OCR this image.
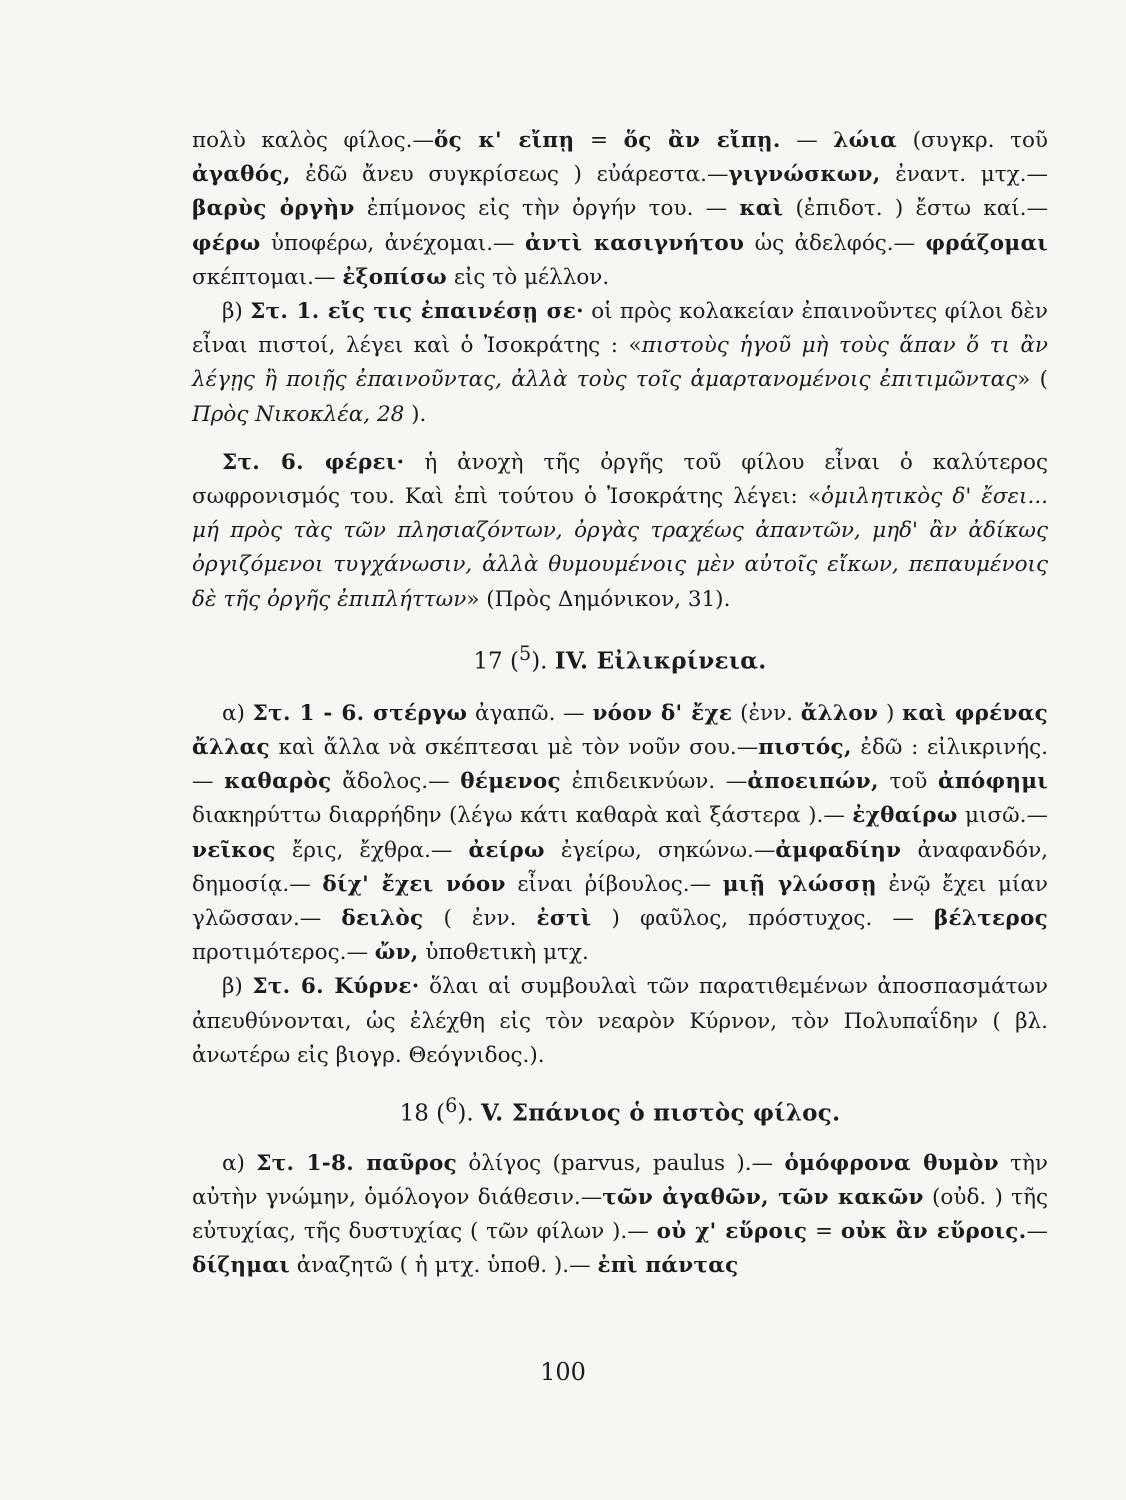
πολὺ καλὸς φίλος.—ὅς κ' εἴπῃ = ὅς ἂν εἴπῃ. — λώια (συγκρ. τοῦ ἀγαθός, ἐδῶ ἄνευ συγκρίσεως ) εὐάρεστα.—γιγνώσκων, ἐναντ. μτχ.— βαρὺς ὀργὴν ἐπίμονος εἰς τὴν ὀργήν του. — καὶ (ἐπιδοτ. ) ἔστω καί.— φέρω ὑποφέρω, ἀνέχομαι.— ἀντὶ κασιγνήτου ὡς ἀδελφός.— φράζομαι σκέπτομαι.— ἐξοπίσω εἰς τὸ μέλλον.

β) Στ. 1. εἴς τις ἐπαινέσῃ σε· οἱ πρὸς κολακείαν ἐπαινοῦντες φίλοι δὲν εἶναι πιστοί, λέγει καὶ ὁ Ἰσοκράτης : «πιστοὺς ἡγοῦ μὴ τοὺς ἅπαν ὅ τι ἂν λέγῃς ἢ ποιῇς ἐπαινοῦντας, ἀλλὰ τοὺς τοῖς ἁμαρτανομένοις ἐπιτιμῶντας» ( Πρὸς Νικοκλέα, 28 ).

Στ. 6. φέρει· ἡ ἀνοχὴ τῆς ὀργῆς τοῦ φίλου εἶναι ὁ καλύτερος σωφρονισμός του. Καὶ ἐπὶ τούτου ὁ Ἰσοκράτης λέγει: «ὁμιλητικὸς δ' ἔσει... μή πρὸς τὰς τῶν πλησιαζόντων, ὀργὰς τραχέως ἀπαντῶν, μηδ' ἂν ἀδίκως ὀργιζόμενοι τυγχάνωσιν, ἀλλὰ θυμουμένοις μὲν αὐτοῖς εἴκων, πεπαυμένοις δὲ τῆς ὀργῆς ἐπιπλήττων» (Πρὸς Δημόνικον, 31).

17 ($^5$). IV. Εἰλικρίνεια.

α) Στ. 1 - 6. στέργω ἀγαπῶ. — νόον δ' ἔχε (ἐνν. ἄλλον ) καὶ φρένας ἄλλας καὶ ἄλλα νὰ σκέπτεσαι μὲ τὸν νοῦν σου.—πιστός, ἐδῶ : εἰλικρινής. — καθαρὸς ἄδολος.— θέμενος ἐπιδεικνύων. —ἀποειπών, τοῦ ἀπόφημι διακηρύττω διαρρήδην (λέγω κάτι καθαρὰ καὶ ξάστερα ).— ἐχθαίρω μισῶ.— νεῖκος ἔρις, ἔχθρα.— ἀείρω ἐγείρω, σηκώνω.—ἀμφαδίην ἀναφανδόν, δημοσίᾳ.— δίχ' ἔχει νόον εἶναι ῥίβουλος.— μιῇ γλώσσῃ ἐνῷ ἔχει μίαν γλῶσσαν.— δειλὸς ( ἐνν. ἐστὶ ) φαῦλος, πρόστυχος. — βέλτερος προτιμότερος.— ὤν, ὑποθετικὴ μτχ.

β) Στ. 6. Κύρνε· ὅλαι αἱ συμβουλαὶ τῶν παρατιθεμένων ἀποσπασμάτων ἀπευθύνονται, ὡς ἐλέχθη εἰς τὸν νεαρὸν Κύρνον, τὸν Πολυπαΐδην ( βλ. ἀνωτέρω εἰς βιογρ. Θεόγνιδος.).

18 ($^6$). V. Σπάνιος ὁ πιστὸς φίλος.

α) Στ. 1-8. παῦρος ὀλίγος (parvus, paulus ).— ὁμόφρονα θυμὸν τὴν αὐτὴν γνώμην, ὁμόλογον διάθεσιν.—τῶν ἀγαθῶν, τῶν κακῶν (οὐδ. ) τῆς εὐτυχίας, τῆς δυστυχίας ( τῶν φίλων ).— οὐ χ' εὕροις = οὐκ ἂν εὕροις.— δίζημαι ἀναζητῶ ( ἡ μτχ. ὑποθ. ).— ἐπὶ πάντας

100
